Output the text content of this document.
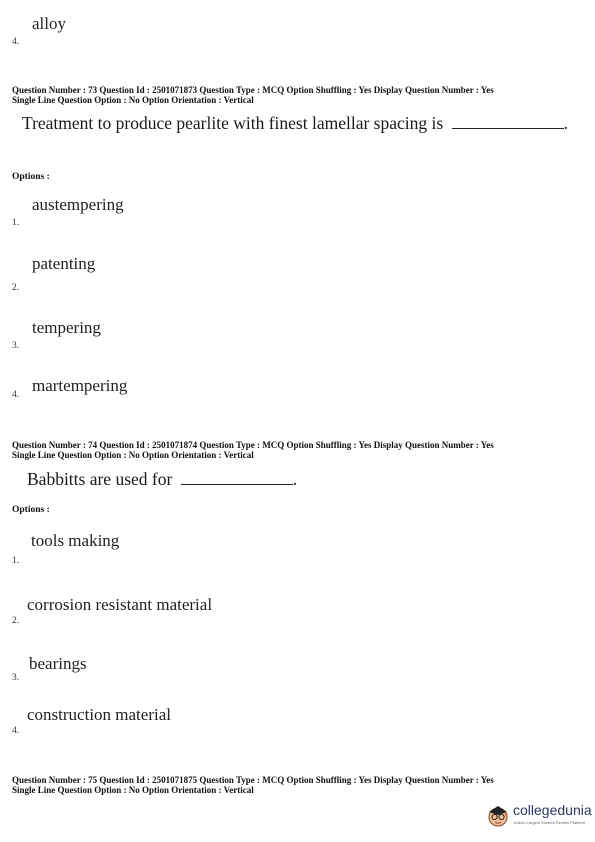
alloy
4.
Question Number : 73 Question Id : 2501071873 Question Type : MCQ Option Shuffling : Yes Display Question Number : Yes
Single Line Question Option : No Option Orientation : Vertical
Treatment to produce pearlite with finest lamellar spacing is	.
Options :
austempering
1.
patenting
2.
tempering
3.
martempering
4.
Question Number : 74 Question Id : 2501071874 Question Type : MCQ Option Shuffling : Yes Display Question Number : Yes
Single Line Question Option : No Option Orientation : Vertical
Babbitts are used for	.
Options :
tools making
1.
corrosion resistant material
2.
bearings
3.
construction material
4.
Question Number : 75 Question Id : 2501071875 Question Type : MCQ Option Shuffling : Yes Display Question Number : Yes
Single Line Question Option : No Option Orientation : Vertical
collegedunia
India's Largest Student Review Platform
